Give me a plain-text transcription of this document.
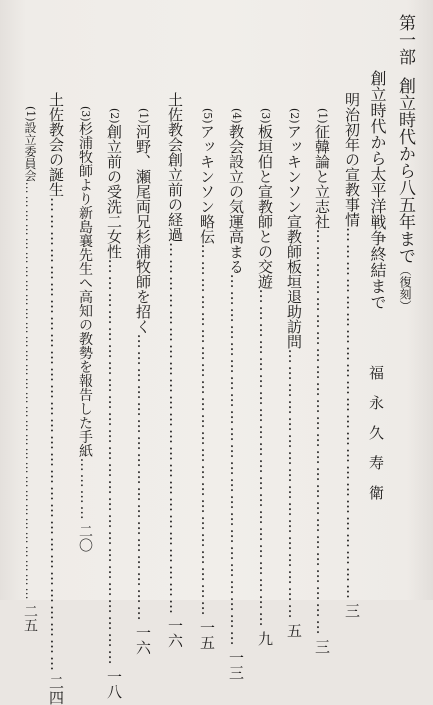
第一部創立時代から八五年まで（復刻）
福　永　久　寿　衛
明治初年の宣教事情…………………………………………………………三
創立時代から太平洋戦争終結まで
(1)征韓論と立志社………………………………………………………………三
(2)アッキンソン宣教師板垣退助訪問…………………………………………五
(3)板垣伯と宣教師との交遊……………………………………………………九
(4)教会設立の気運高まる…………………………………………………………一三
(5)アッキンソン略伝…………………………………………………………一五
土佐教会創立前の経過…………………………………………………………一六
(1)河野、瀬尾両兄杉浦牧師を招く……………………………………………一六
(2)創立前の受洗二女性………………………………………………………………一八
(3)杉浦牧師より新島襄先生へ高知の教勢を報告した手紙…………二〇
土佐教会の誕生…………………………………………………………………………二四
(1)設立委員会………………………………………………………………………………二五
